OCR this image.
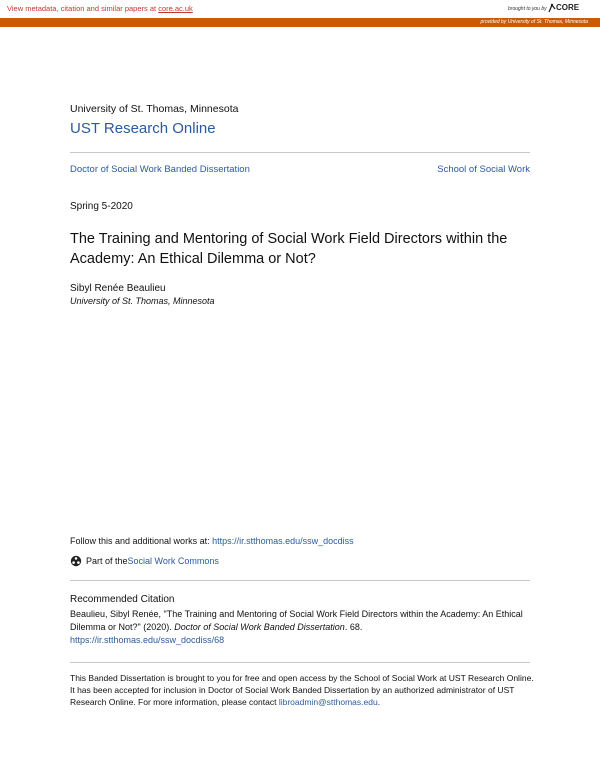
View metadata, citation and similar papers at core.ac.uk	brought to you by CORE
provided by University of St. Thomas, Minnesota
University of St. Thomas, Minnesota
UST Research Online
Doctor of Social Work Banded Dissertation	School of Social Work
Spring 5-2020
The Training and Mentoring of Social Work Field Directors within the Academy: An Ethical Dilemma or Not?
Sibyl Renée Beaulieu
University of St. Thomas, Minnesota
Follow this and additional works at: https://ir.stthomas.edu/ssw_docdiss
Part of the Social Work Commons
Recommended Citation
Beaulieu, Sibyl Renée, "The Training and Mentoring of Social Work Field Directors within the Academy: An Ethical Dilemma or Not?" (2020). Doctor of Social Work Banded Dissertation. 68.
https://ir.stthomas.edu/ssw_docdiss/68
This Banded Dissertation is brought to you for free and open access by the School of Social Work at UST Research Online. It has been accepted for inclusion in Doctor of Social Work Banded Dissertation by an authorized administrator of UST Research Online. For more information, please contact libroadmin@stthomas.edu.
